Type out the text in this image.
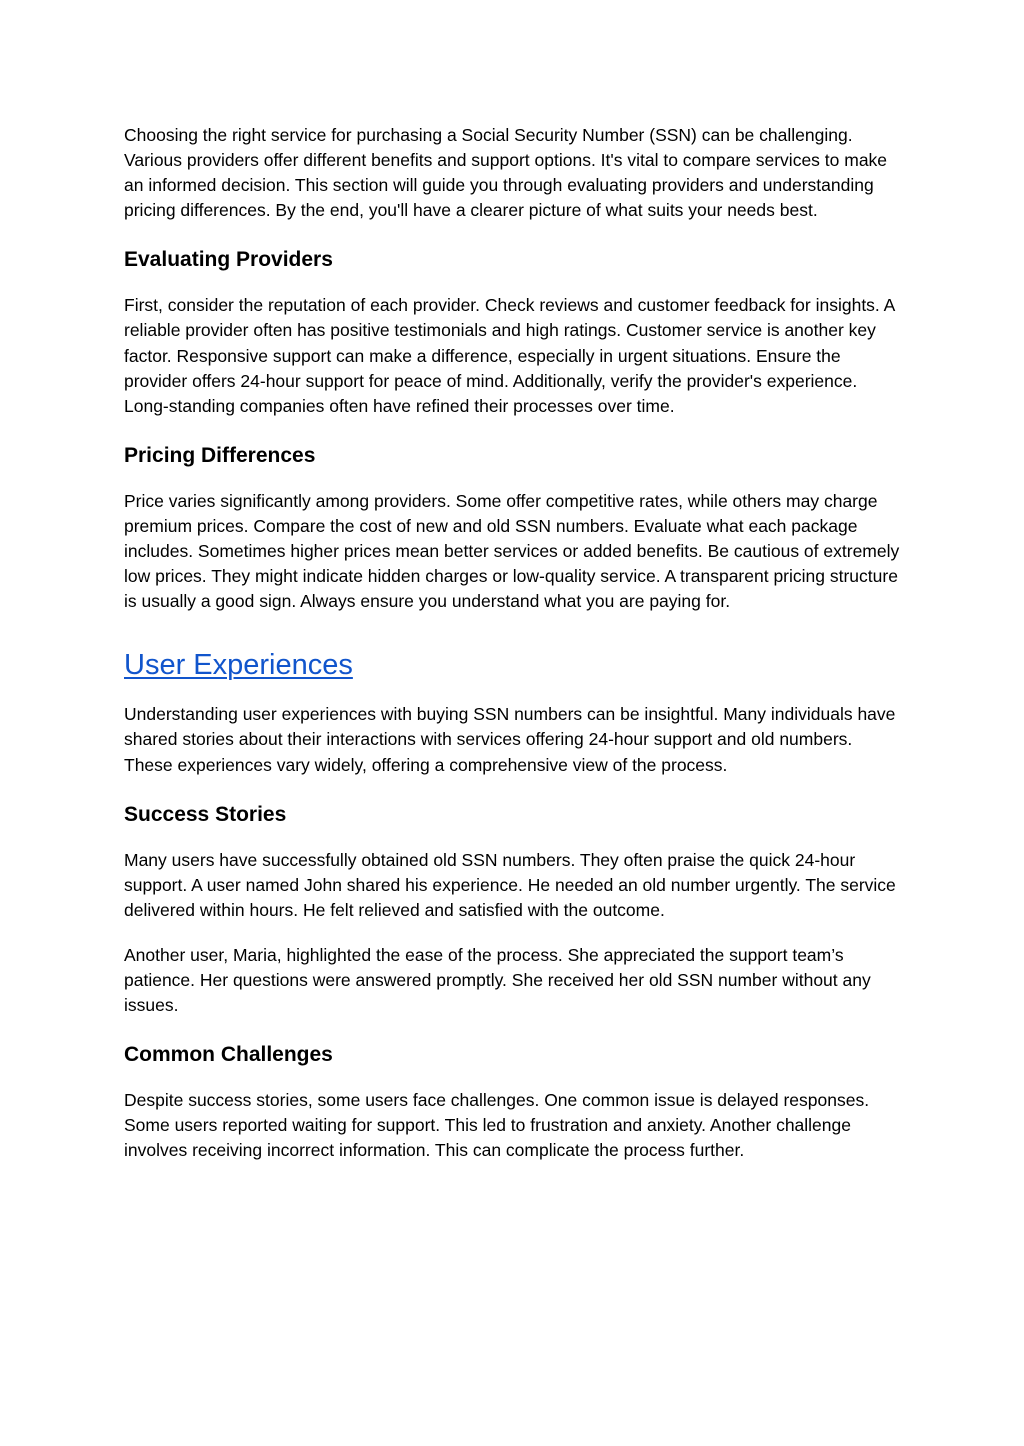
Choosing the right service for purchasing a Social Security Number (SSN) can be challenging. Various providers offer different benefits and support options. It's vital to compare services to make an informed decision. This section will guide you through evaluating providers and understanding pricing differences. By the end, you'll have a clearer picture of what suits your needs best.

Evaluating Providers

First, consider the reputation of each provider. Check reviews and customer feedback for insights. A reliable provider often has positive testimonials and high ratings. Customer service is another key factor. Responsive support can make a difference, especially in urgent situations. Ensure the provider offers 24-hour support for peace of mind. Additionally, verify the provider's experience. Long-standing companies often have refined their processes over time.

Pricing Differences

Price varies significantly among providers. Some offer competitive rates, while others may charge premium prices. Compare the cost of new and old SSN numbers. Evaluate what each package includes. Sometimes higher prices mean better services or added benefits. Be cautious of extremely low prices. They might indicate hidden charges or low-quality service. A transparent pricing structure is usually a good sign. Always ensure you understand what you are paying for.

User Experiences

Understanding user experiences with buying SSN numbers can be insightful. Many individuals have shared stories about their interactions with services offering 24-hour support and old numbers. These experiences vary widely, offering a comprehensive view of the process.

Success Stories

Many users have successfully obtained old SSN numbers. They often praise the quick 24-hour support. A user named John shared his experience. He needed an old number urgently. The service delivered within hours. He felt relieved and satisfied with the outcome.

Another user, Maria, highlighted the ease of the process. She appreciated the support team’s patience. Her questions were answered promptly. She received her old SSN number without any issues.

Common Challenges

Despite success stories, some users face challenges. One common issue is delayed responses. Some users reported waiting for support. This led to frustration and anxiety. Another challenge involves receiving incorrect information. This can complicate the process further.
